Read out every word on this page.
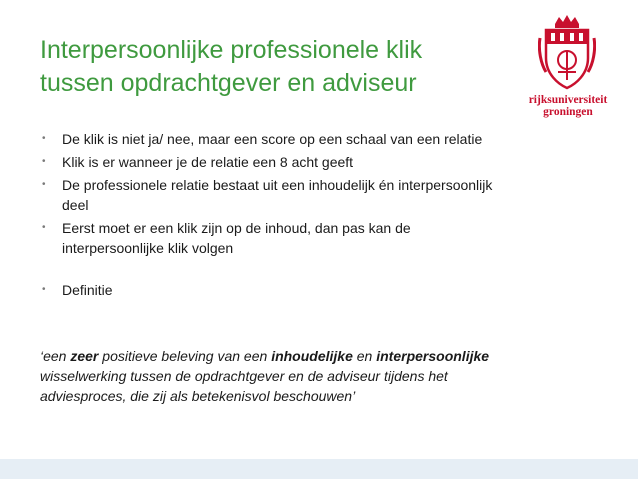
Interpersoonlijke professionele klik tussen opdrachtgever en adviseur
rijksuniversiteit
groningen
• De klik is niet ja/ nee, maar een score op een schaal van een relatie
• Klik is er wanneer je de relatie een 8 acht geeft
• De professionele relatie bestaat uit een inhoudelijk én interpersoonlijk deel
• Eerst moet er een klik zijn op de inhoud, dan pas kan de interpersoonlijke klik volgen
• Definitie

‘een zeer positieve beleving van een inhoudelijke en interpersoonlijke wisselwerking tussen de opdrachtgever en de adviseur tijdens het adviesproces, die zij als betekenisvol beschouwen’
